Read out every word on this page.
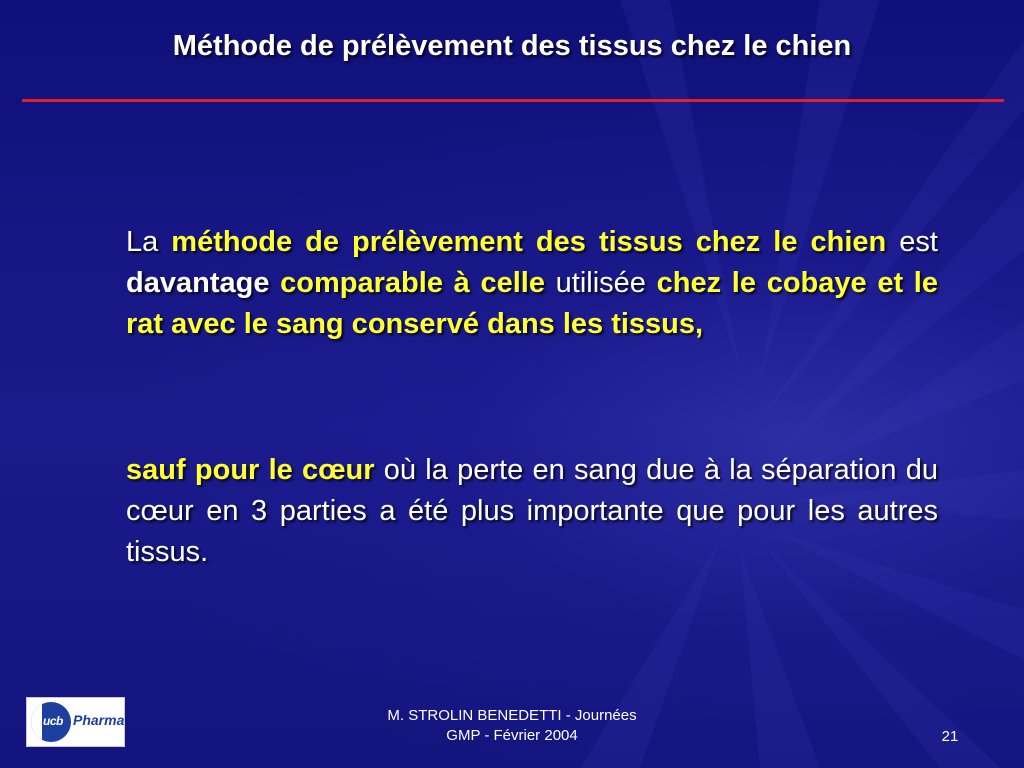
Méthode de prélèvement des tissus chez le chien
La méthode de prélèvement des tissus chez le chien est davantage comparable à celle utilisée chez le cobaye et le rat avec le sang conservé dans les tissus,
sauf pour le cœur où la perte en sang due à la séparation du cœur en 3 parties a été plus importante que pour les autres tissus.
ucb Pharma	M. STROLIN BENEDETTI - Journées
GMP - Février 2004	21
